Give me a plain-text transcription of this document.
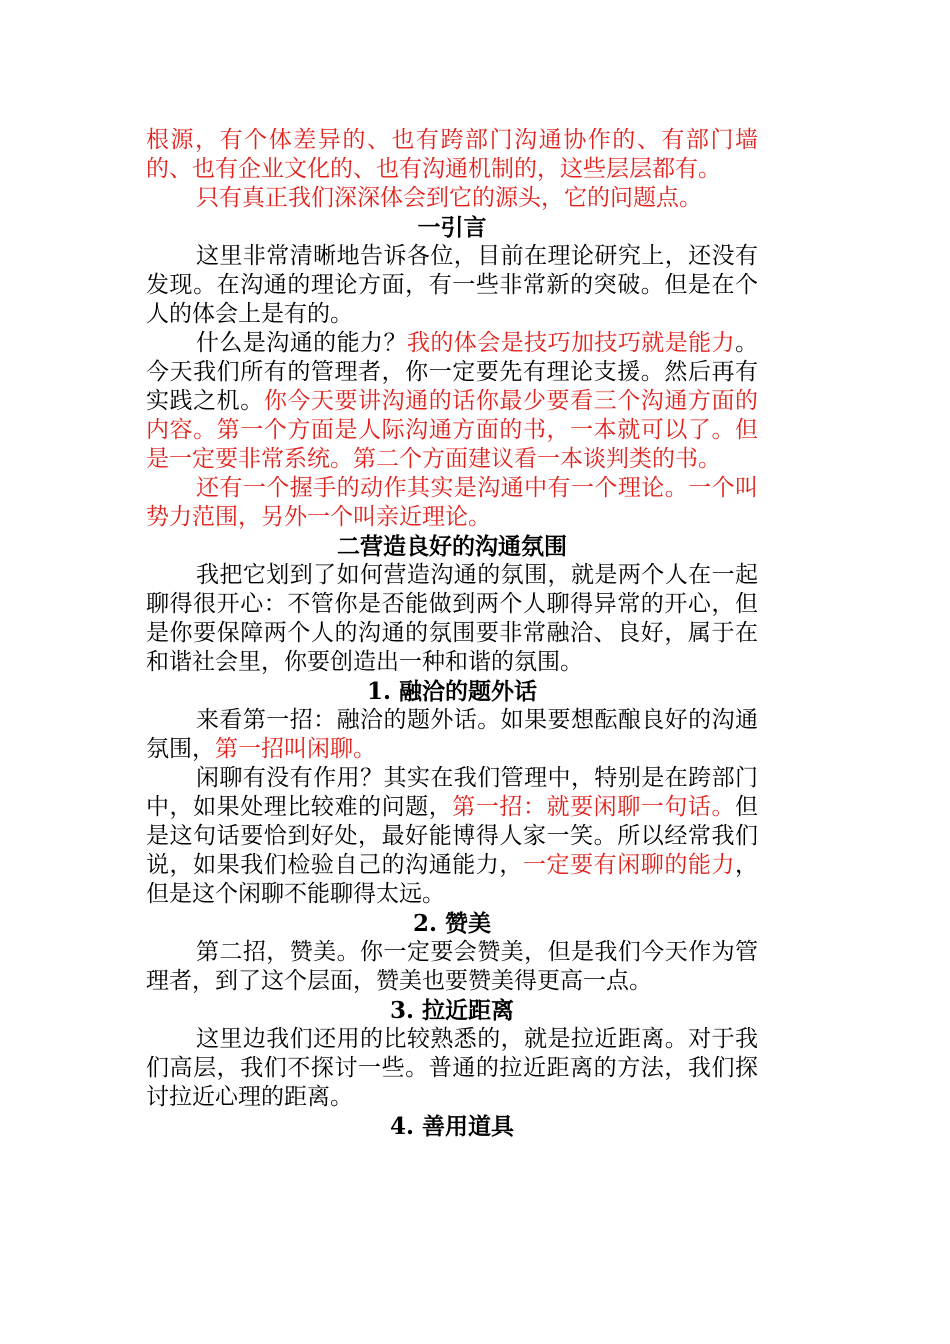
根源，有个体差异的、也有跨部门沟通协作的、有部门墙的、也有企业文化的、也有沟通机制的，这些层层都有。

只有真正我们深深体会到它的源头，它的问题点。

一引言

这里非常清晰地告诉各位，目前在理论研究上，还没有发现。在沟通的理论方面，有一些非常新的突破。但是在个人的体会上是有的。

什么是沟通的能力？我的体会是技巧加技巧就是能力。今天我们所有的管理者，你一定要先有理论支援。然后再有实践之机。你今天要讲沟通的话你最少要看三个沟通方面的内容。第一个方面是人际沟通方面的书，一本就可以了。但是一定要非常系统。第二个方面建议看一本谈判类的书。

还有一个握手的动作其实是沟通中有一个理论。一个叫势力范围，另外一个叫亲近理论。

二营造良好的沟通氛围

我把它划到了如何营造沟通的氛围，就是两个人在一起聊得很开心：不管你是否能做到两个人聊得异常的开心，但是你要保障两个人的沟通的氛围要非常融洽、良好，属于在和谐社会里，你要创造出一种和谐的氛围。

1. 融洽的题外话

来看第一招：融洽的题外话。如果要想酝酿良好的沟通氛围，第一招叫闲聊。

闲聊有没有作用？其实在我们管理中，特别是在跨部门中，如果处理比较难的问题，第一招：就要闲聊一句话。但是这句话要恰到好处，最好能博得人家一笑。所以经常我们说，如果我们检验自己的沟通能力，一定要有闲聊的能力，但是这个闲聊不能聊得太远。

2. 赞美

第二招，赞美。你一定要会赞美，但是我们今天作为管理者，到了这个层面，赞美也要赞美得更高一点。

3. 拉近距离

这里边我们还用的比较熟悉的，就是拉近距离。对于我们高层，我们不探讨一些。普通的拉近距离的方法，我们探讨拉近心理的距离。

4. 善用道具
